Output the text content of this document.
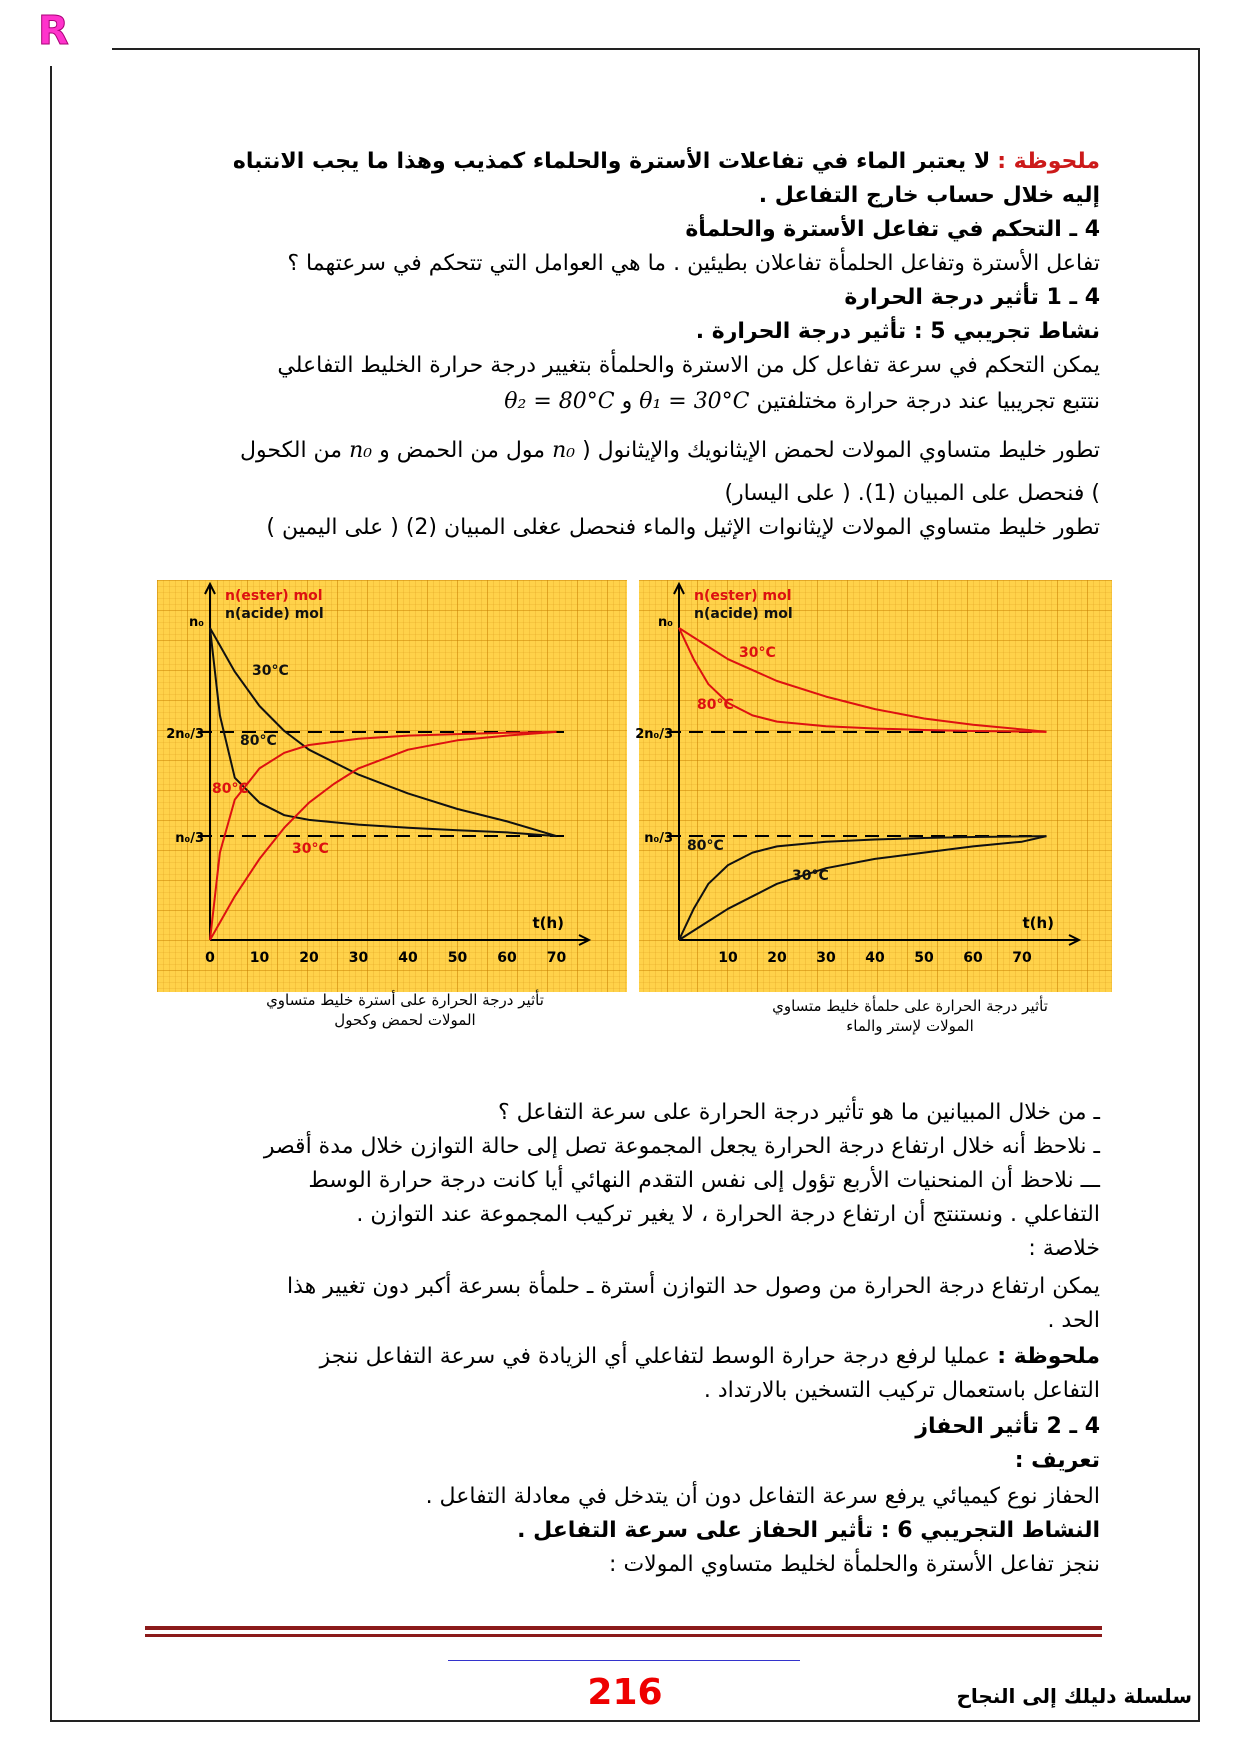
R
ملحوظة : لا يعتبر الماء في تفاعلات الأسترة والحلماء كمذيب وهذا ما يجب الانتباه
إليه خلال حساب خارج التفاعل .
4 ـ التحكم في تفاعل الأسترة والحلمأة
تفاعل الأسترة وتفاعل الحلمأة تفاعلان بطيئين . ما هي العوامل التي تتحكم في سرعتهما ؟
4 ـ 1 تأثير درجة الحرارة
نشاط تجريبي 5 : تأثير درجة الحرارة .
يمكن التحكم في سرعة تفاعل كل من الاسترة والحلمأة بتغيير درجة حرارة الخليط التفاعلي
نتتبع تجريبيا عند درجة حرارة مختلفتين θ₁ = 30°C و θ₂ = 80°C
تطور خليط متساوي المولات لحمض الإيثانويك والإيثانول ( n₀ مول من الحمض و n₀ من الكحول
) فنحصل على المبيان (1). ( على اليسار)
تطور خليط متساوي المولات لإيثانوات الإثيل والماء فنحصل عغلى المبيان (2) ( على اليمين )
n₀
2n₀/3
n₀/3
0 10 20 30 40 50 60 70
t(h)
n(ester) mol
n(acide) mol
n₀
2n₀/3
n₀/3
10 20 30 40 50 60 70
t(h)
n(ester) mol
n(acide) mol
30°C
80°C
80°C
30°C
30°C
80°C
80°C
30°C
تأثير درجة الحرارة على أسترة خليط متساوي
المولات لحمض وكحول
تأثير درجة الحرارة على حلمأة خليط متساوي
المولات لإستر والماء
ـ من خلال المبيانين ما هو تأثير درجة الحرارة على سرعة التفاعل ؟
ـ نلاحظ أنه خلال ارتفاع درجة الحرارة يجعل المجموعة تصل إلى حالة التوازن خلال مدة أقصر
ـــ نلاحظ أن المنحنيات الأربع تؤول إلى نفس التقدم النهائي أيا كانت درجة حرارة الوسط
التفاعلي . ونستنتج أن ارتفاع درجة الحرارة ، لا يغير تركيب المجموعة عند التوازن .
خلاصة :
يمكن ارتفاع درجة الحرارة من وصول حد التوازن أسترة ـ حلمأة بسرعة أكبر دون تغيير هذا
الحد .
ملحوظة : عمليا لرفع درجة حرارة الوسط لتفاعلي أي الزيادة في سرعة التفاعل ننجز
التفاعل باستعمال تركيب التسخين بالارتداد .
4 ـ 2 تأثير الحفاز
تعريف :
الحفاز نوع كيميائي يرفع سرعة التفاعل دون أن يتدخل في معادلة التفاعل .
النشاط التجريبي 6 : تأثير الحفاز على سرعة التفاعل .
ننجز تفاعل الأسترة والحلمأة لخليط متساوي المولات :
216	سلسلة دليلك إلى النجاح
